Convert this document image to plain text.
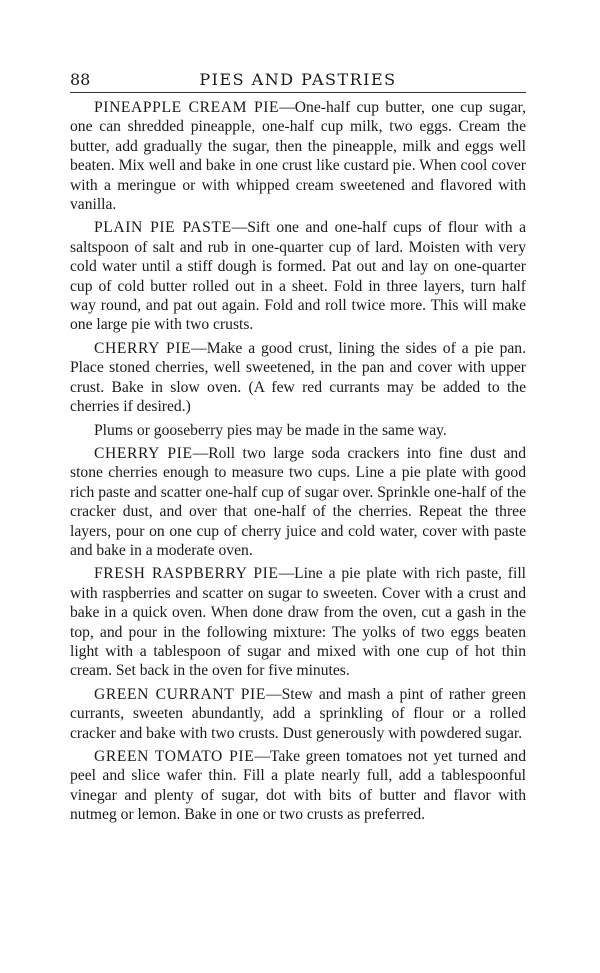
88	PIES AND PASTRIES

PINEAPPLE CREAM PIE—One-half cup butter, one cup sugar, one can shredded pineapple, one-half cup milk, two eggs. Cream the butter, add gradually the sugar, then the pineapple, milk and eggs well beaten. Mix well and bake in one crust like custard pie. When cool cover with a meringue or with whipped cream sweetened and flavored with vanilla.

PLAIN PIE PASTE—Sift one and one-half cups of flour with a saltspoon of salt and rub in one-quarter cup of lard. Moisten with very cold water until a stiff dough is formed. Pat out and lay on one-quarter cup of cold butter rolled out in a sheet. Fold in three layers, turn half way round, and pat out again. Fold and roll twice more. This will make one large pie with two crusts.

CHERRY PIE—Make a good crust, lining the sides of a pie pan. Place stoned cherries, well sweetened, in the pan and cover with upper crust. Bake in slow oven. (A few red currants may be added to the cherries if desired.)

Plums or gooseberry pies may be made in the same way.

CHERRY PIE—Roll two large soda crackers into fine dust and stone cherries enough to measure two cups. Line a pie plate with good rich paste and scatter one-half cup of sugar over. Sprinkle one-half of the cracker dust, and over that one-half of the cherries. Repeat the three layers, pour on one cup of cherry juice and cold water, cover with paste and bake in a moderate oven.

FRESH RASPBERRY PIE—Line a pie plate with rich paste, fill with raspberries and scatter on sugar to sweeten. Cover with a crust and bake in a quick oven. When done draw from the oven, cut a gash in the top, and pour in the following mixture: The yolks of two eggs beaten light with a tablespoon of sugar and mixed with one cup of hot thin cream. Set back in the oven for five minutes.

GREEN CURRANT PIE—Stew and mash a pint of rather green currants, sweeten abundantly, add a sprinkling of flour or a rolled cracker and bake with two crusts. Dust generously with powdered sugar.

GREEN TOMATO PIE—Take green tomatoes not yet turned and peel and slice wafer thin. Fill a plate nearly full, add a tablespoonful vinegar and plenty of sugar, dot with bits of butter and flavor with nutmeg or lemon. Bake in one or two crusts as preferred.
